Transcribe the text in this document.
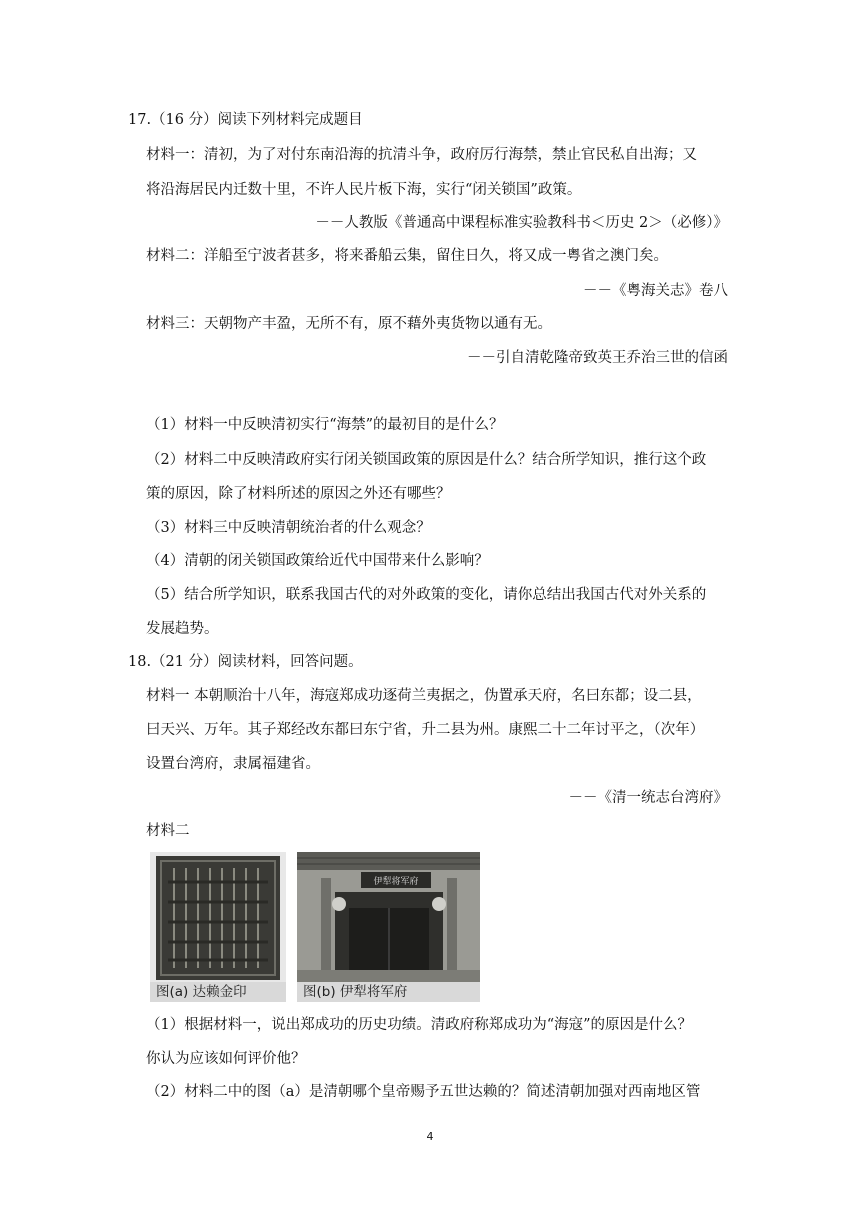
17.（16 分）阅读下列材料完成题目
材料一：清初，为了对付东南沿海的抗清斗争，政府厉行海禁，禁止官民私自出海；又
将沿海居民内迁数十里，不许人民片板下海，实行“闭关锁国”政策。
－－人教版《普通高中课程标准实验教科书＜历史 2＞（必修）》
材料二：洋船至宁波者甚多，将来番船云集，留住日久，将又成一粤省之澳门矣。
－－《粤海关志》卷八
材料三：天朝物产丰盈，无所不有，原不藉外夷货物以通有无。
－－引自清乾隆帝致英王乔治三世的信函
（1）材料一中反映清初实行“海禁”的最初目的是什么？
（2）材料二中反映清政府实行闭关锁国政策的原因是什么？结合所学知识，推行这个政
策的原因，除了材料所述的原因之外还有哪些？
（3）材料三中反映清朝统治者的什么观念？
（4）清朝的闭关锁国政策给近代中国带来什么影响？
（5）结合所学知识，联系我国古代的对外政策的变化，请你总结出我国古代对外关系的
发展趋势。
18.（21 分）阅读材料，回答问题。
材料一 本朝顺治十八年，海寇郑成功逐荷兰夷据之，伪置承天府，名曰东都；设二县，
曰天兴、万年。其子郑经改东都曰东宁省，升二县为州。康熙二十二年讨平之，（次年）
设置台湾府，隶属福建省。
－－《清一统志台湾府》
材料二
图(a) 达赖金印
伊犁将军府
图(b) 伊犁将军府
（1）根据材料一，说出郑成功的历史功绩。清政府称郑成功为“海寇”的原因是什么？
你认为应该如何评价他？
（2）材料二中的图（a）是清朝哪个皇帝赐予五世达赖的？简述清朝加强对西南地区管
4
